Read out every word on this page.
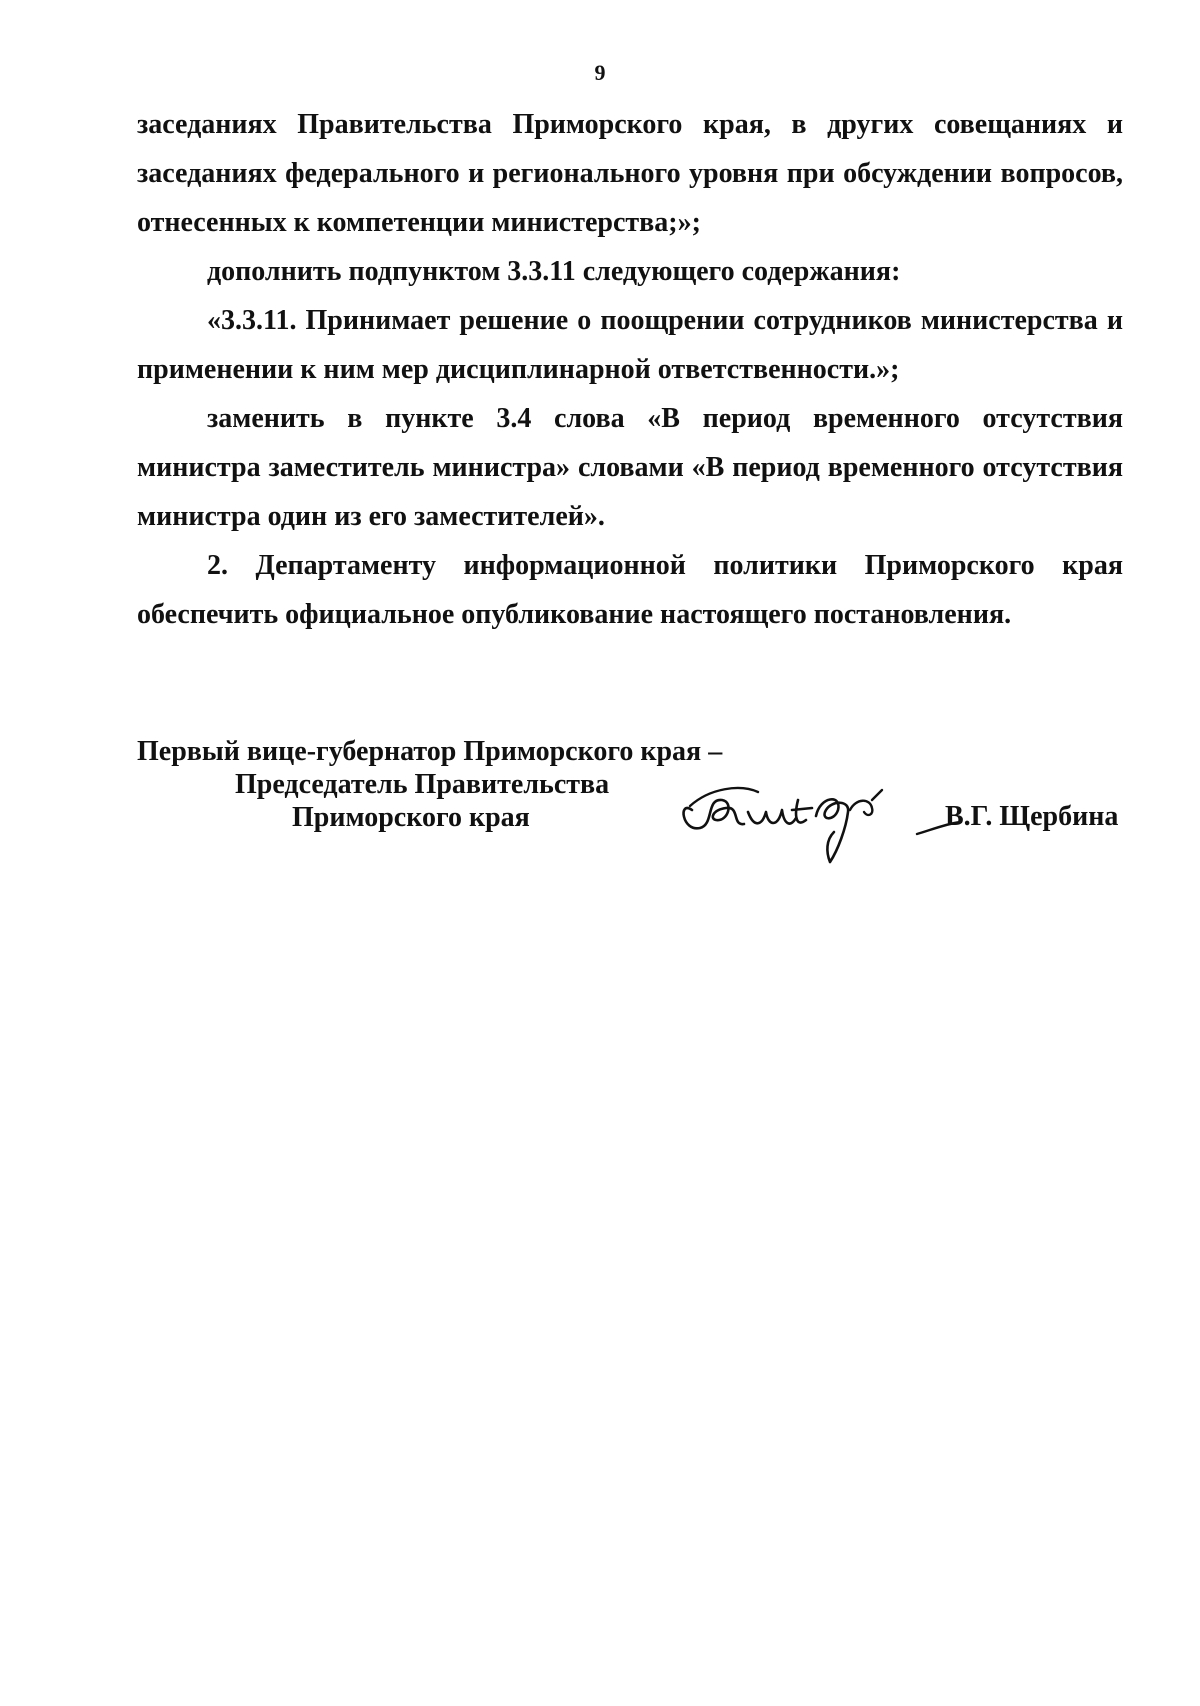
9

заседаниях Правительства Приморского края, в других совещаниях и
заседаниях федерального и регионального уровня при обсуждении вопросов,
отнесенных к компетенции министерства;»;

дополнить подпунктом 3.3.11 следующего содержания:

«3.3.11. Принимает решение о поощрении сотрудников министерства и применении к ним мер дисциплинарной ответственности.»;

заменить в пункте 3.4 слова «В период временного отсутствия министра заместитель министра» словами «В период временного отсутствия министра один из его заместителей».

2. Департаменту информационной политики Приморского края обеспечить официальное опубликование настоящего постановления.

Первый вице-губернатор Приморского края –
Председатель Правительства
Приморского края	В.Г. Щербина
